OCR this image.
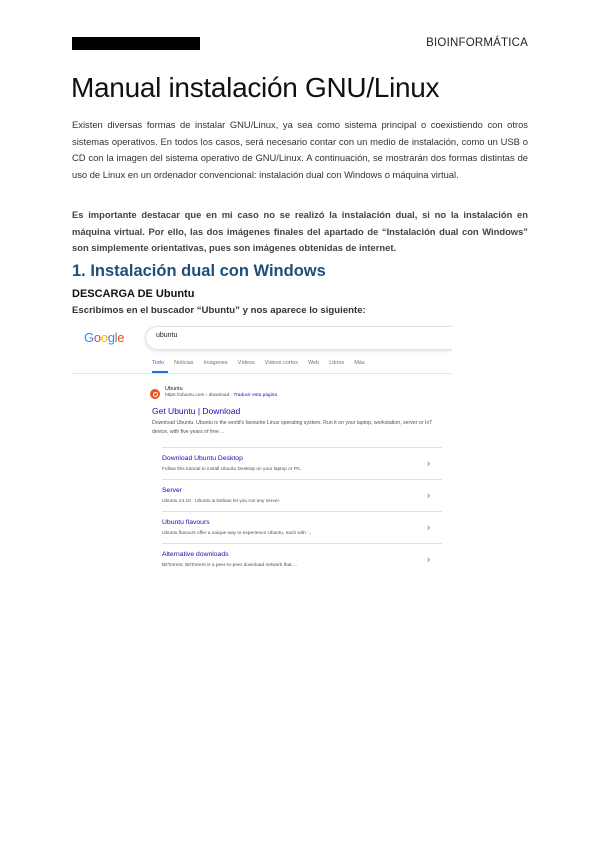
BIOINFORMÁTICA
Manual instalación GNU/Linux

Existen diversas formas de instalar GNU/Linux, ya sea como sistema principal o coexistiendo con otros sistemas operativos. En todos los casos, será necesario contar con un medio de instalación, como un USB o CD con la imagen del sistema operativo de GNU/Linux. A continuación, se mostrarán dos formas distintas de uso de Linux en un ordenador convencional: instalación dual con Windows o máquina virtual.

Es importante destacar que en mi caso no se realizó la instalación dual, si no la instalación en máquina virtual. Por ello, las dos imágenes finales del apartado de “Instalación dual con Windows” son simplemente orientativas, pues son imágenes obtenidas de internet.

1. Instalación dual con Windows
DESCARGA DE Ubuntu

Escribimos en el buscador “Ubuntu” y nos aparece lo siguiente:

Google	ubuntu
Todo Noticias Imágenes Vídeos Videos cortos Web Libros Más
Ubuntu
https://ubuntu.com › download · Traducir esta página
Get Ubuntu | Download
Download Ubuntu. Ubuntu is the world's favourite Linux operating system. Run it on your laptop, workstation, server or IoT device, with five years of free ...
Download Ubuntu Desktop
Follow this tutorial to install Ubuntu Desktop on your laptop or PC.
›
Server
Ubuntu 24.10 · Ubuntu & Debian let you run any server.
›
Ubuntu flavours
Ubuntu flavours offer a unique way to experience Ubuntu, each with ...
›
Alternative downloads
BitTorrent. BitTorrent is a peer-to-peer download network that ...
›
